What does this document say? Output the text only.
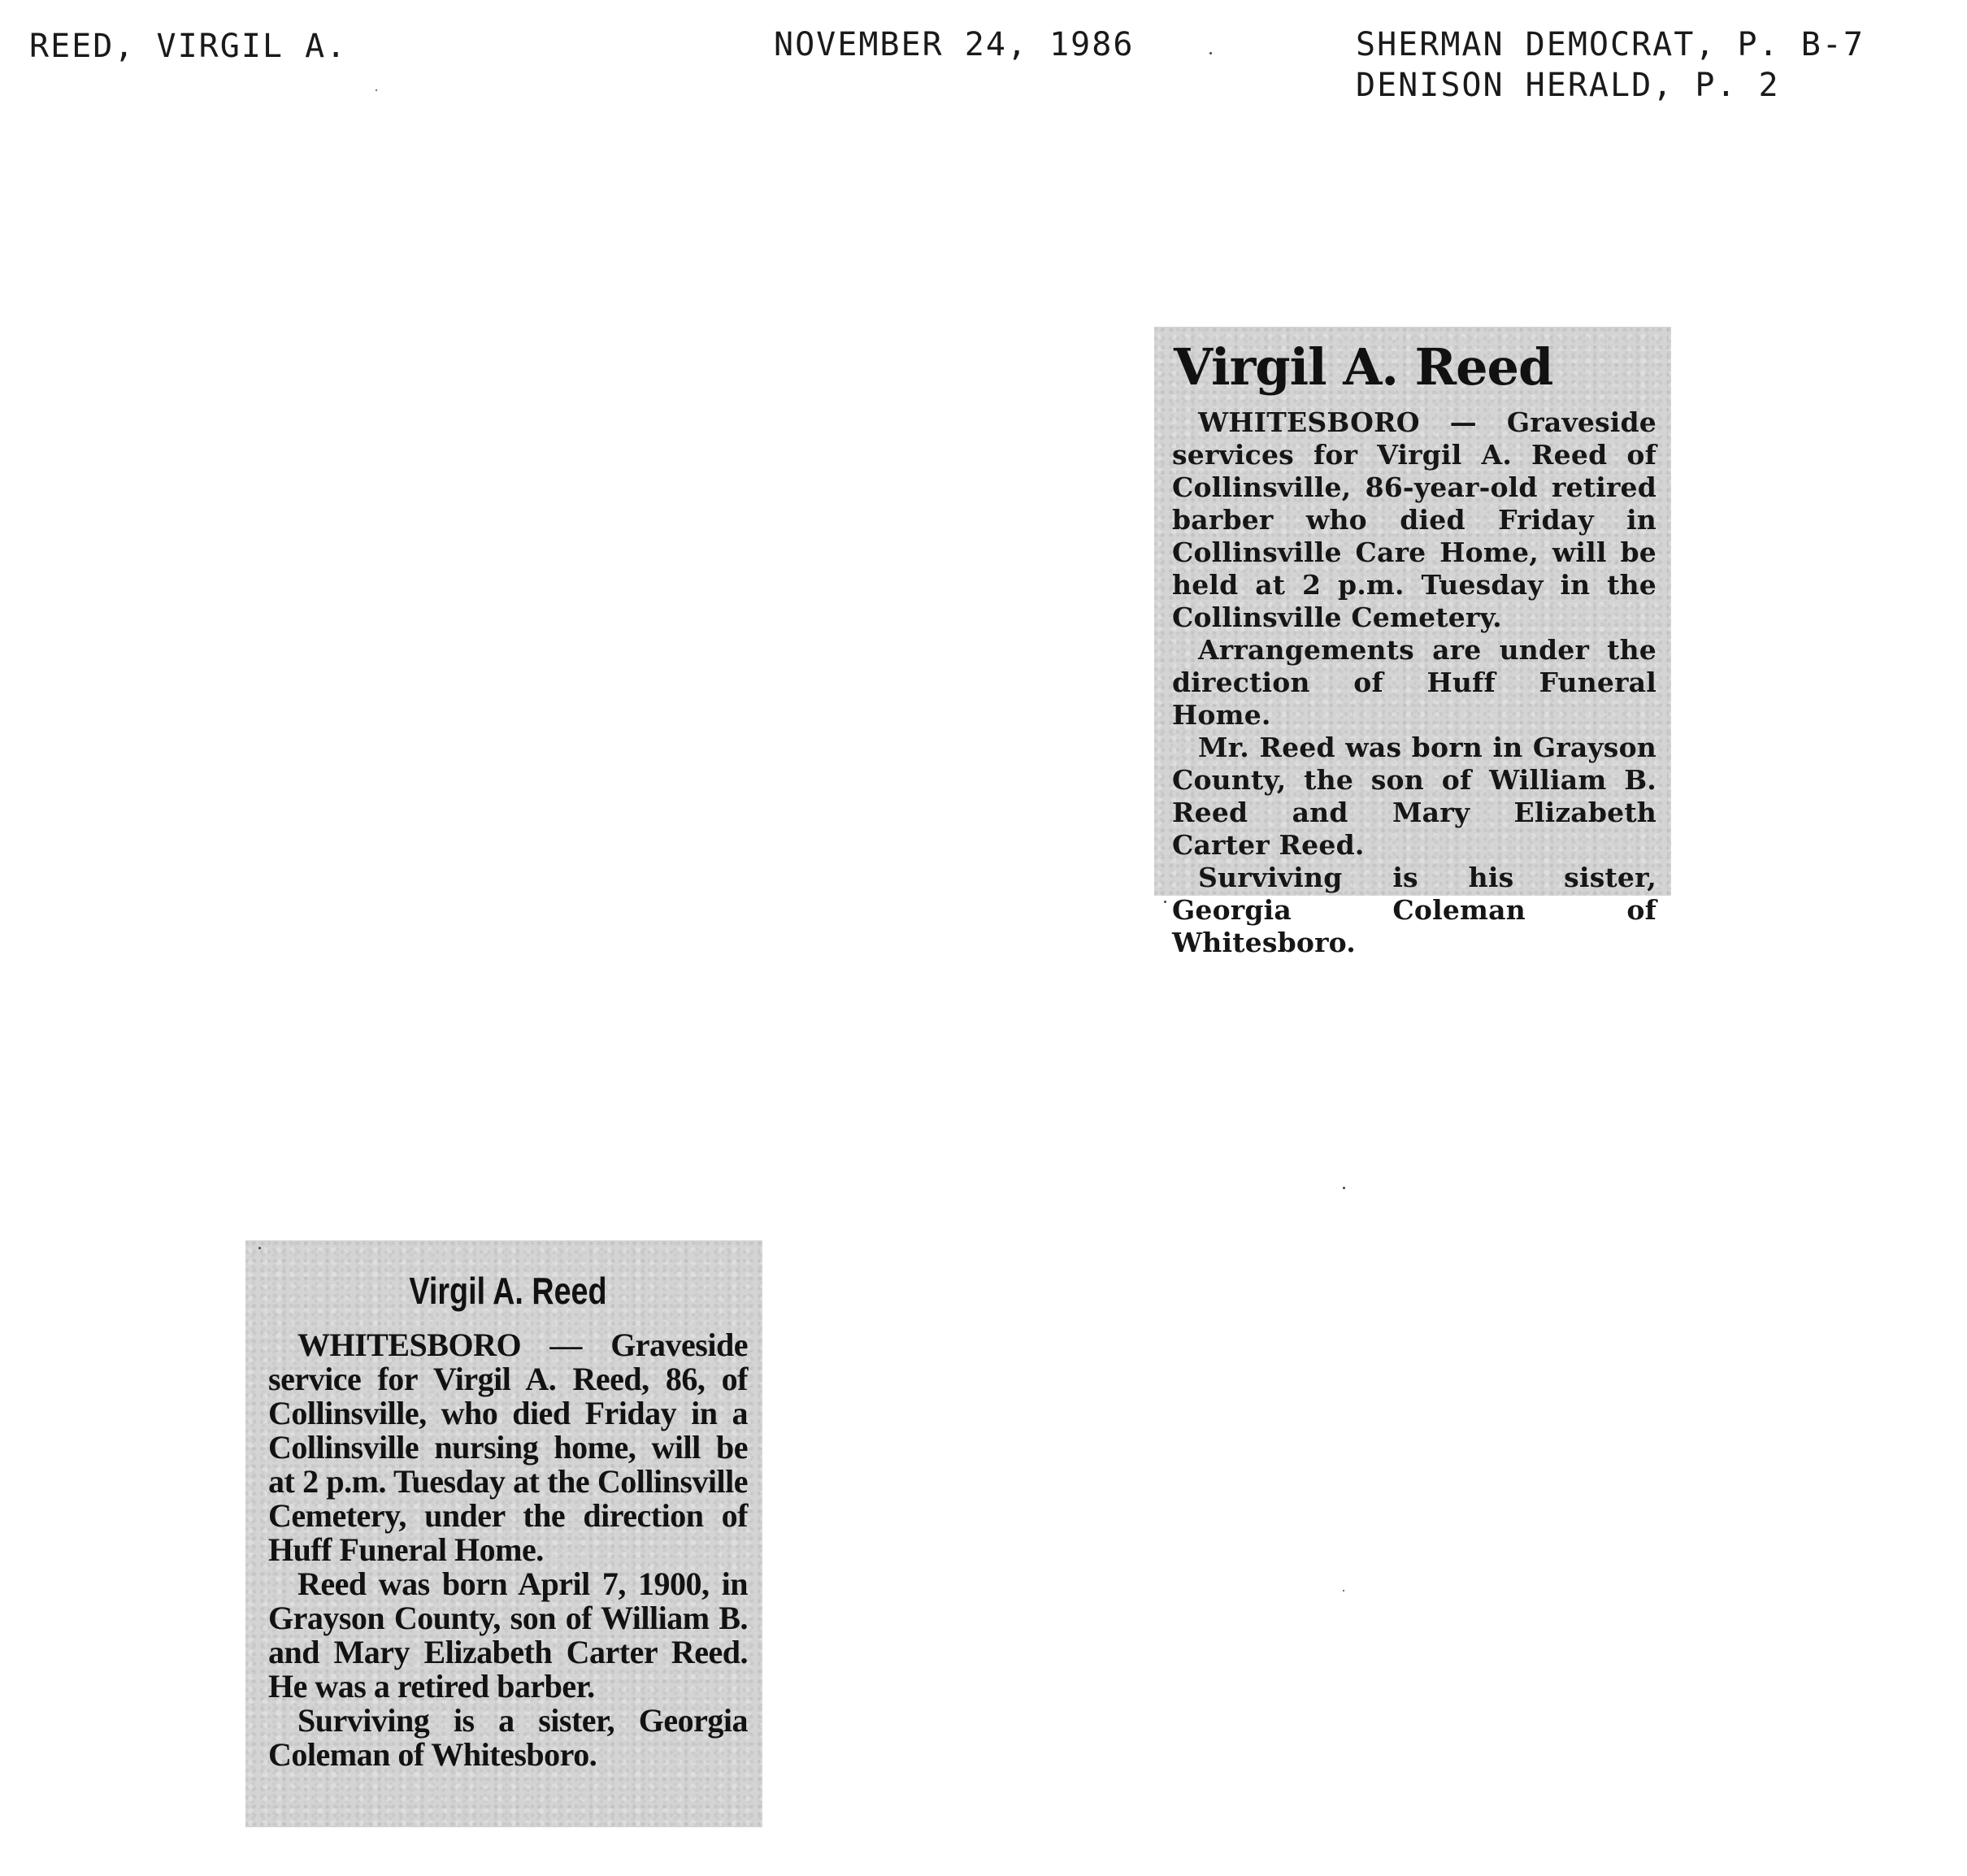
REED, VIRGIL A.	NOVEMBER 24, 1986	SHERMAN DEMOCRAT, P. B-7
DENISON HERALD, P. 2
Virgil A. Reed

WHITESBORO — Graveside services for Virgil A. Reed of Collinsville, 86-year-old retired barber who died Friday in Collinsville Care Home, will be held at 2 p.m. Tuesday in the Collinsville Cemetery.

Arrangements are under the direction of Huff Funeral Home.

Mr. Reed was born in Grayson County, the son of William B. Reed and Mary Elizabeth Carter Reed.

Surviving is his sister, Georgia Coleman of Whitesboro.

Virgil A. Reed

WHITESBORO — Graveside service for Virgil A. Reed, 86, of Collinsville, who died Friday in a Collinsville nursing home, will be at 2 p.m. Tuesday at the Collinsville Cemetery, under the direction of Huff Funeral Home.

Reed was born April 7, 1900, in Grayson County, son of William B. and Mary Elizabeth Carter Reed. He was a retired barber.

Surviving is a sister, Georgia Coleman of Whitesboro.
